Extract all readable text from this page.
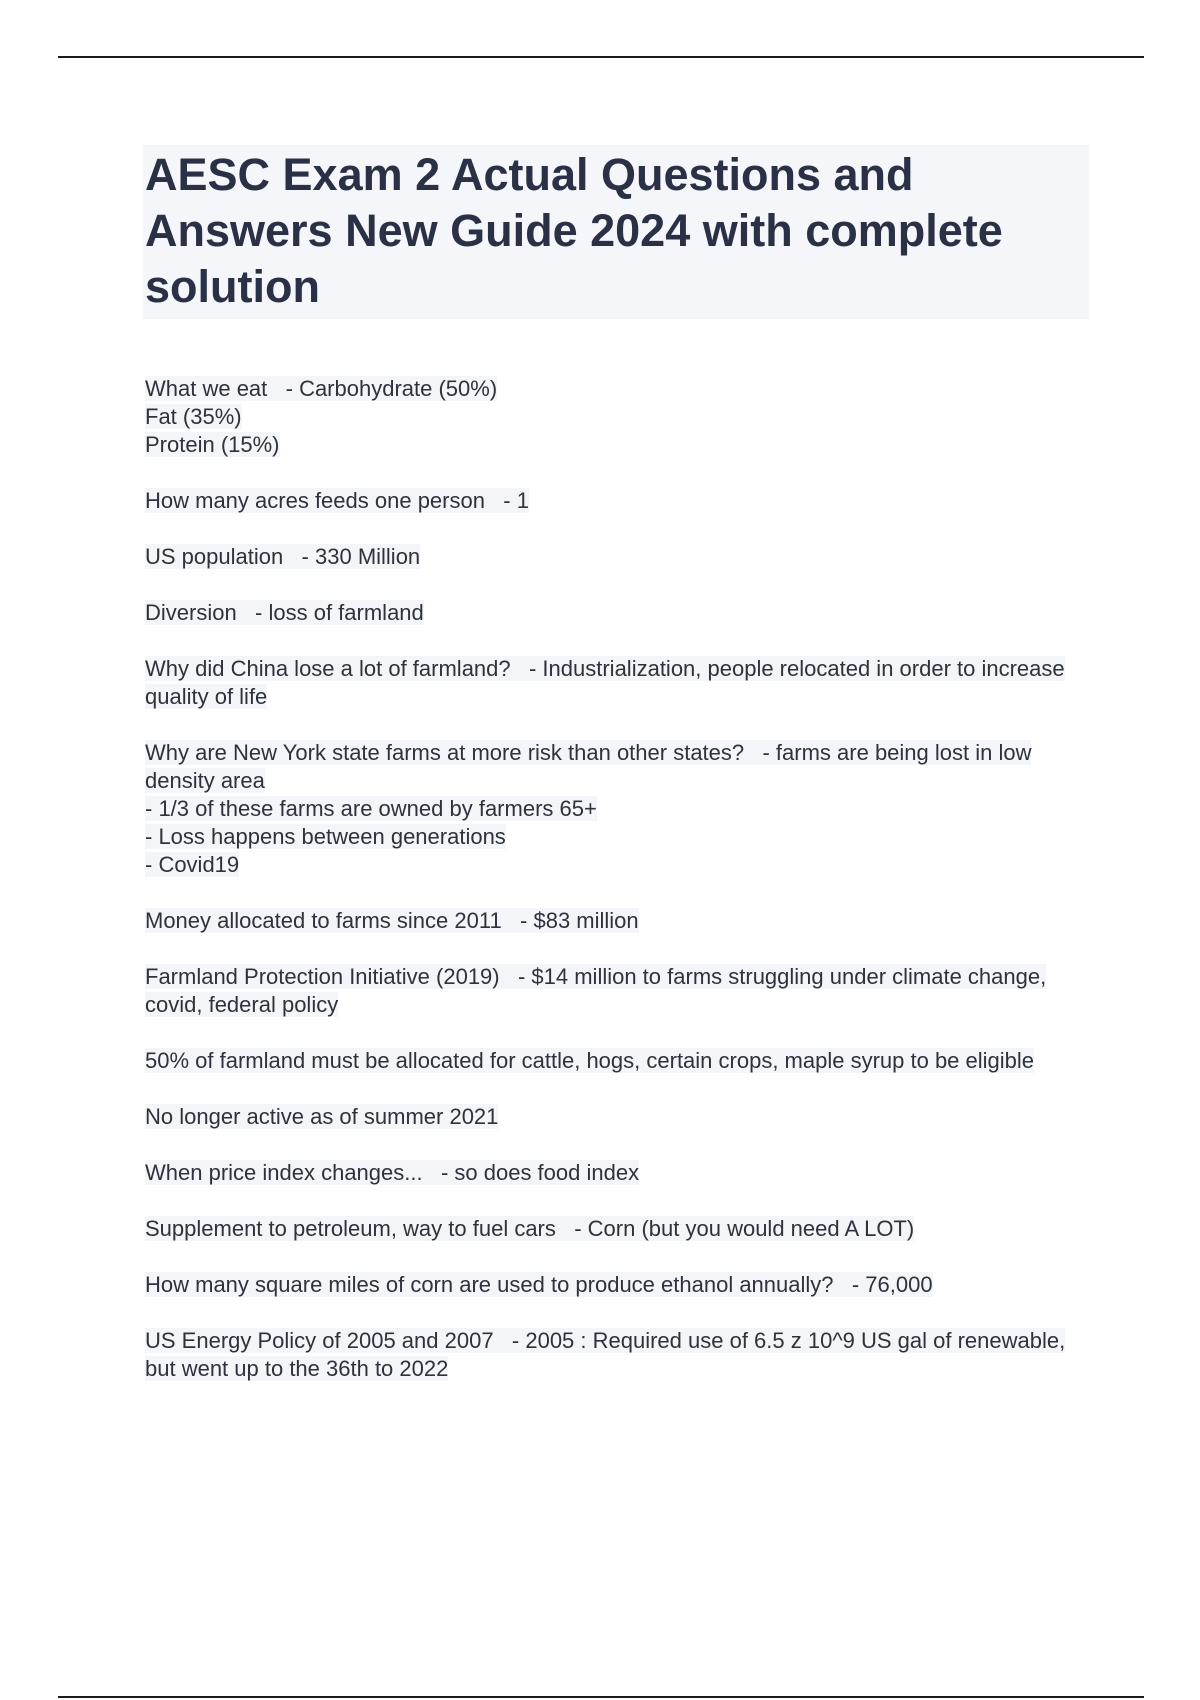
AESC Exam 2 Actual Questions and Answers New Guide 2024 with complete solution
What we eat   - Carbohydrate (50%)
Fat (35%)
Protein (15%)
How many acres feeds one person   - 1
US population   - 330 Million
Diversion   - loss of farmland
Why did China lose a lot of farmland?   - Industrialization, people relocated in order to increase quality of life
Why are New York state farms at more risk than other states?   - farms are being lost in low density area
- 1/3 of these farms are owned by farmers 65+
- Loss happens between generations
- Covid19
Money allocated to farms since 2011   - $83 million
Farmland Protection Initiative (2019)   - $14 million to farms struggling under climate change, covid, federal policy
50% of farmland must be allocated for cattle, hogs, certain crops, maple syrup to be eligible
No longer active as of summer 2021
When price index changes...   - so does food index
Supplement to petroleum, way to fuel cars   - Corn (but you would need A LOT)
How many square miles of corn are used to produce ethanol annually?   - 76,000
US Energy Policy of 2005 and 2007   - 2005 : Required use of 6.5 z 10^9 US gal of renewable, but went up to the 36th to 2022
